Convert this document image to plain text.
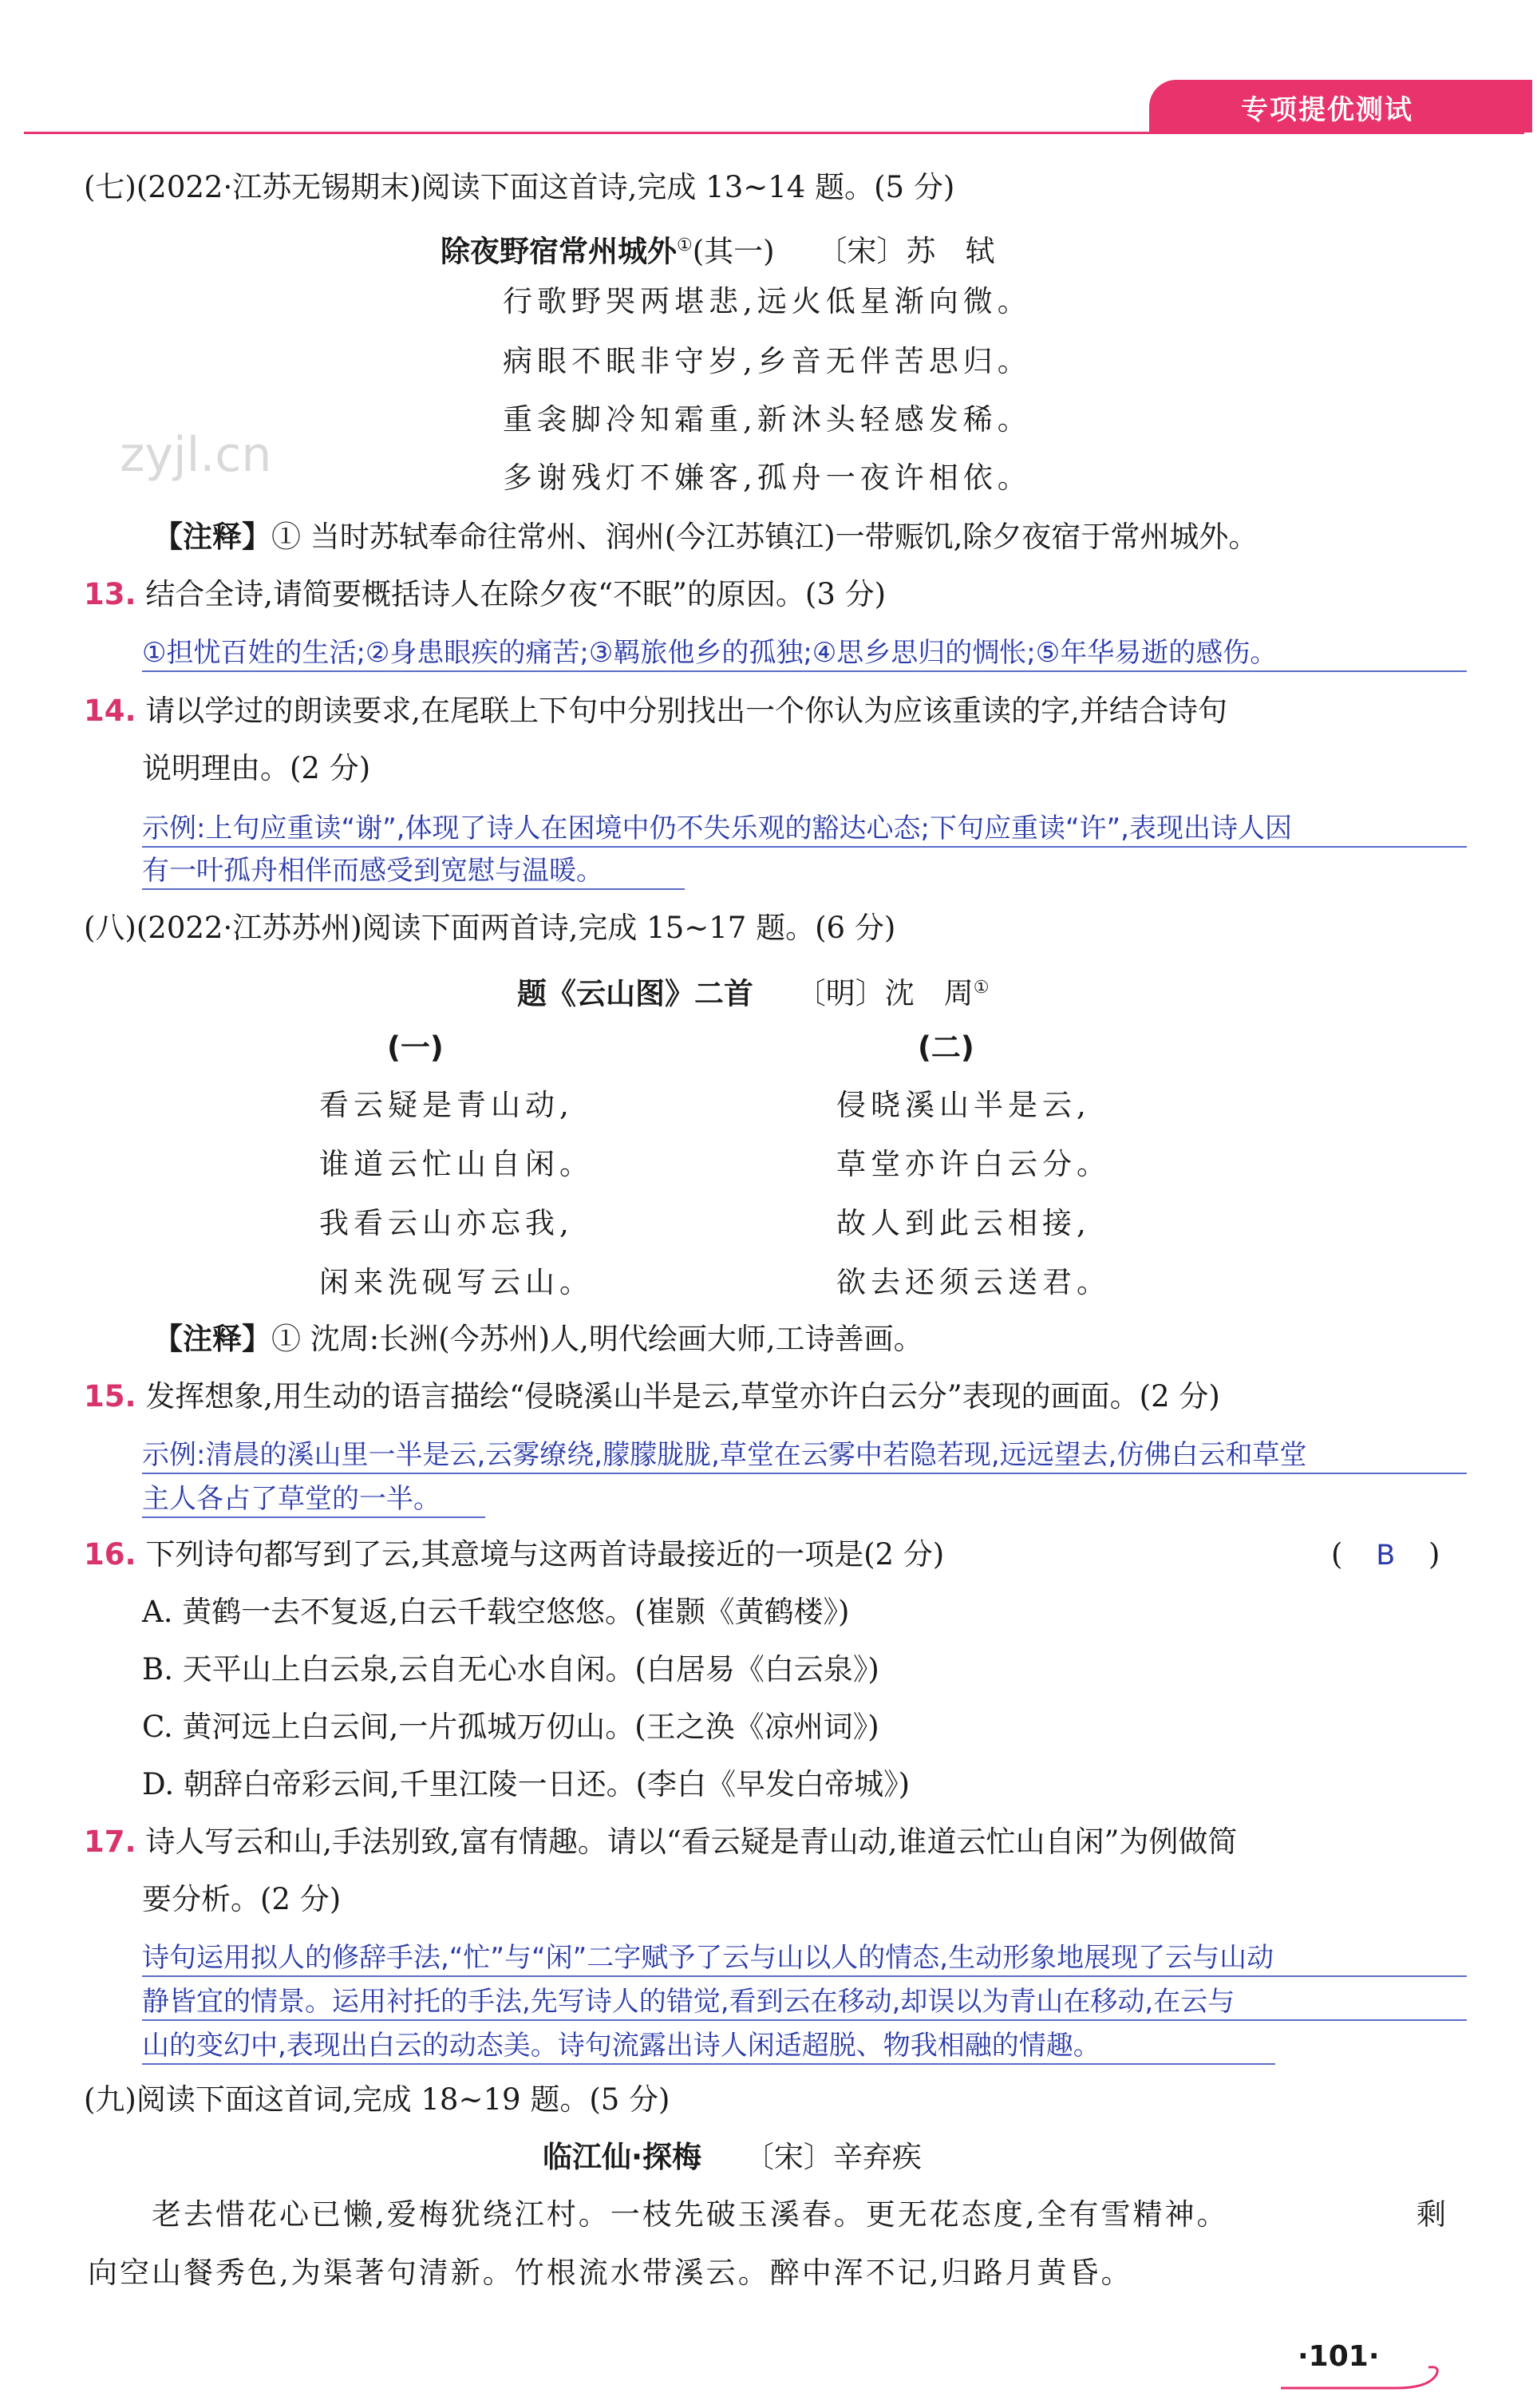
专项提优测试
(七)(2022·江苏无锡期末)阅读下面这首诗,完成 13~14 题。(5 分)
除夜野宿常州城外①(其一) 〔宋〕苏　轼
行歌野哭两堪悲,远火低星渐向微。
病眼不眠非守岁,乡音无伴苦思归。
重衾脚冷知霜重,新沐头轻感发稀。
多谢残灯不嫌客,孤舟一夜许相依。
zyjl.cn
【注释】① 当时苏轼奉命往常州、润州(今江苏镇江)一带赈饥,除夕夜宿于常州城外。
13. 结合全诗,请简要概括诗人在除夕夜“不眠”的原因。(3 分)
①担忧百姓的生活;②身患眼疾的痛苦;③羁旅他乡的孤独;④思乡思归的惆怅;⑤年华易逝的感伤。
14. 请以学过的朗读要求,在尾联上下句中分别找出一个你认为应该重读的字,并结合诗句
说明理由。(2 分)
示例:上句应重读“谢”,体现了诗人在困境中仍不失乐观的豁达心态;下句应重读“许”,表现出诗人因
有一叶孤舟相伴而感受到宽慰与温暖。
(八)(2022·江苏苏州)阅读下面两首诗,完成 15~17 题。(6 分)
题《云山图》二首 〔明〕沈　周①
(一)	(二)
看云疑是青山动,
谁道云忙山自闲。
我看云山亦忘我,
闲来洗砚写云山。
侵晓溪山半是云,
草堂亦许白云分。
故人到此云相接,
欲去还须云送君。
【注释】① 沈周:长洲(今苏州)人,明代绘画大师,工诗善画。
15. 发挥想象,用生动的语言描绘“侵晓溪山半是云,草堂亦许白云分”表现的画面。(2 分)
示例:清晨的溪山里一半是云,云雾缭绕,朦朦胧胧,草堂在云雾中若隐若现,远远望去,仿佛白云和草堂
主人各占了草堂的一半。
16. 下列诗句都写到了云,其意境与这两首诗最接近的一项是(2 分)	( B )
A. 黄鹤一去不复返,白云千载空悠悠。(崔颢《黄鹤楼》)
B. 天平山上白云泉,云自无心水自闲。(白居易《白云泉》)
C. 黄河远上白云间,一片孤城万仞山。(王之涣《凉州词》)
D. 朝辞白帝彩云间,千里江陵一日还。(李白《早发白帝城》)
17. 诗人写云和山,手法别致,富有情趣。请以“看云疑是青山动,谁道云忙山自闲”为例做简
要分析。(2 分)
诗句运用拟人的修辞手法,“忙”与“闲”二字赋予了云与山以人的情态,生动形象地展现了云与山动
静皆宜的情景。运用衬托的手法,先写诗人的错觉,看到云在移动,却误以为青山在移动,在云与
山的变幻中,表现出白云的动态美。诗句流露出诗人闲适超脱、物我相融的情趣。
(九)阅读下面这首词,完成 18~19 题。(5 分)
临江仙·探梅 〔宋〕辛弃疾
老去惜花心已懒,爱梅犹绕江村。一枝先破玉溪春。更无花态度,全有雪精神。	剩
向空山餐秀色,为渠著句清新。竹根流水带溪云。醉中浑不记,归路月黄昏。
·101·
